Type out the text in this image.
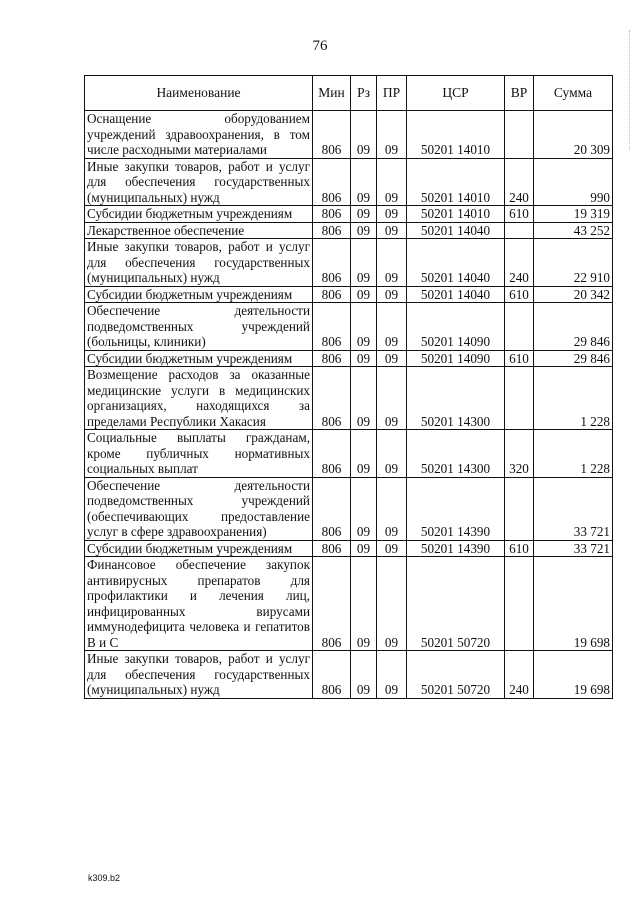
76
Наименование	Мин	Рз	ПР	ЦСР	ВР	Сумма
Оснащение оборудованием учреждений здравоохранения, в том числе расходными материалами	806	09	09	50201 14010		20 309
Иные закупки товаров, работ и услуг для обеспечения государственных (муниципальных) нужд	806	09	09	50201 14010	240	990
Субсидии бюджетным учреждениям	806	09	09	50201 14010	610	19 319
Лекарственное обеспечение	806	09	09	50201 14040		43 252
Иные закупки товаров, работ и услуг для обеспечения государственных (муниципальных) нужд	806	09	09	50201 14040	240	22 910
Субсидии бюджетным учреждениям	806	09	09	50201 14040	610	20 342
Обеспечение деятельности подведомственных учреждений (больницы, клиники)	806	09	09	50201 14090		29 846
Субсидии бюджетным учреждениям	806	09	09	50201 14090	610	29 846
Возмещение расходов за оказанные медицинские услуги в медицинских организациях, находящихся за пределами Республики Хакасия	806	09	09	50201 14300		1 228
Социальные выплаты гражданам, кроме публичных нормативных социальных выплат	806	09	09	50201 14300	320	1 228
Обеспечение деятельности подведомственных учреждений (обеспечивающих предоставление услуг в сфере здравоохранения)	806	09	09	50201 14390		33 721
Субсидии бюджетным учреждениям	806	09	09	50201 14390	610	33 721
Финансовое обеспечение закупок антивирусных препаратов для профилактики и лечения лиц, инфицированных вирусами иммунодефицита человека и гепатитов В и С	806	09	09	50201 50720		19 698
Иные закупки товаров, работ и услуг для обеспечения государственных (муниципальных) нужд	806	09	09	50201 50720	240	19 698
k309.b2
